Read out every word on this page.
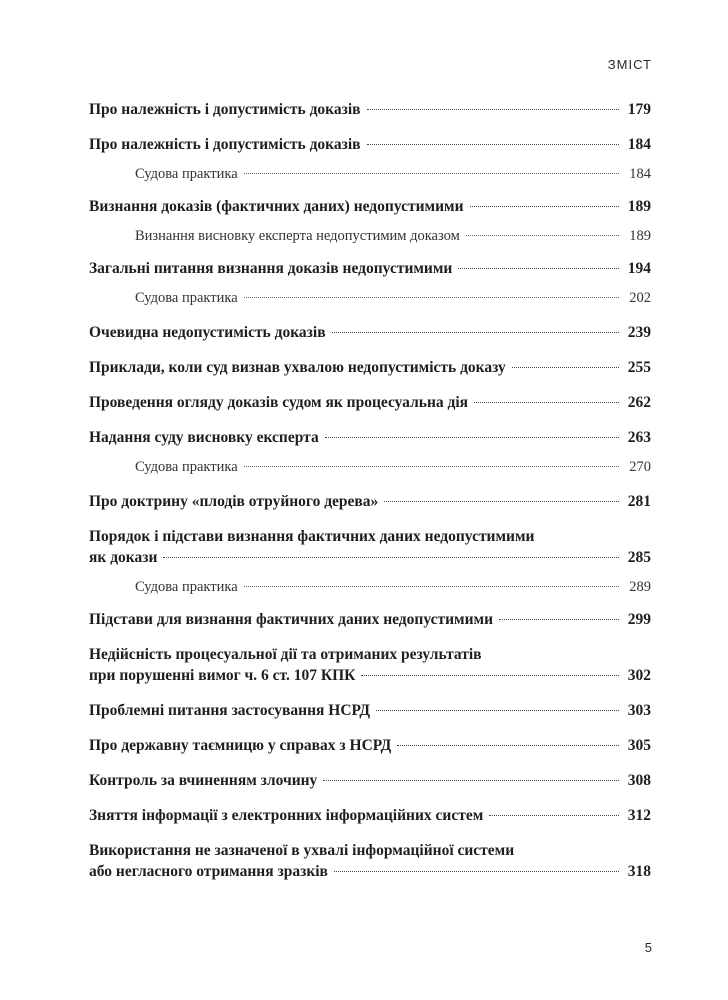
ЗМІСТ
Про належність і допустимість доказів	179
Про належність і допустимість доказів	184
Судова практика	184
Визнання доказів (фактичних даних) недопустимими	189
Визнання висновку експерта недопустимим доказом	189
Загальні питання визнання доказів недопустимими	194
Судова практика	202
Очевидна недопустимість доказів	239
Приклади, коли суд визнав ухвалою недопустимість доказу	255
Проведення огляду доказів судом як процесуальна дія	262
Надання суду висновку експерта	263
Судова практика	270
Про доктрину «плодів отруйного дерева»	281
Порядок і підстави визнання фактичних даних недопустимими
як докази	285
Судова практика	289
Підстави для визнання фактичних даних недопустимими	299
Недійсність процесуальної дії та отриманих результатів
при порушенні вимог ч. 6 ст. 107 КПК	302
Проблемні питання застосування НСРД	303
Про державну таємницю у справах з НСРД	305
Контроль за вчиненням злочину	308
Зняття інформації з електронних інформаційних систем	312
Використання не зазначеної в ухвалі інформаційної системи
або негласного отримання зразків	318
5
